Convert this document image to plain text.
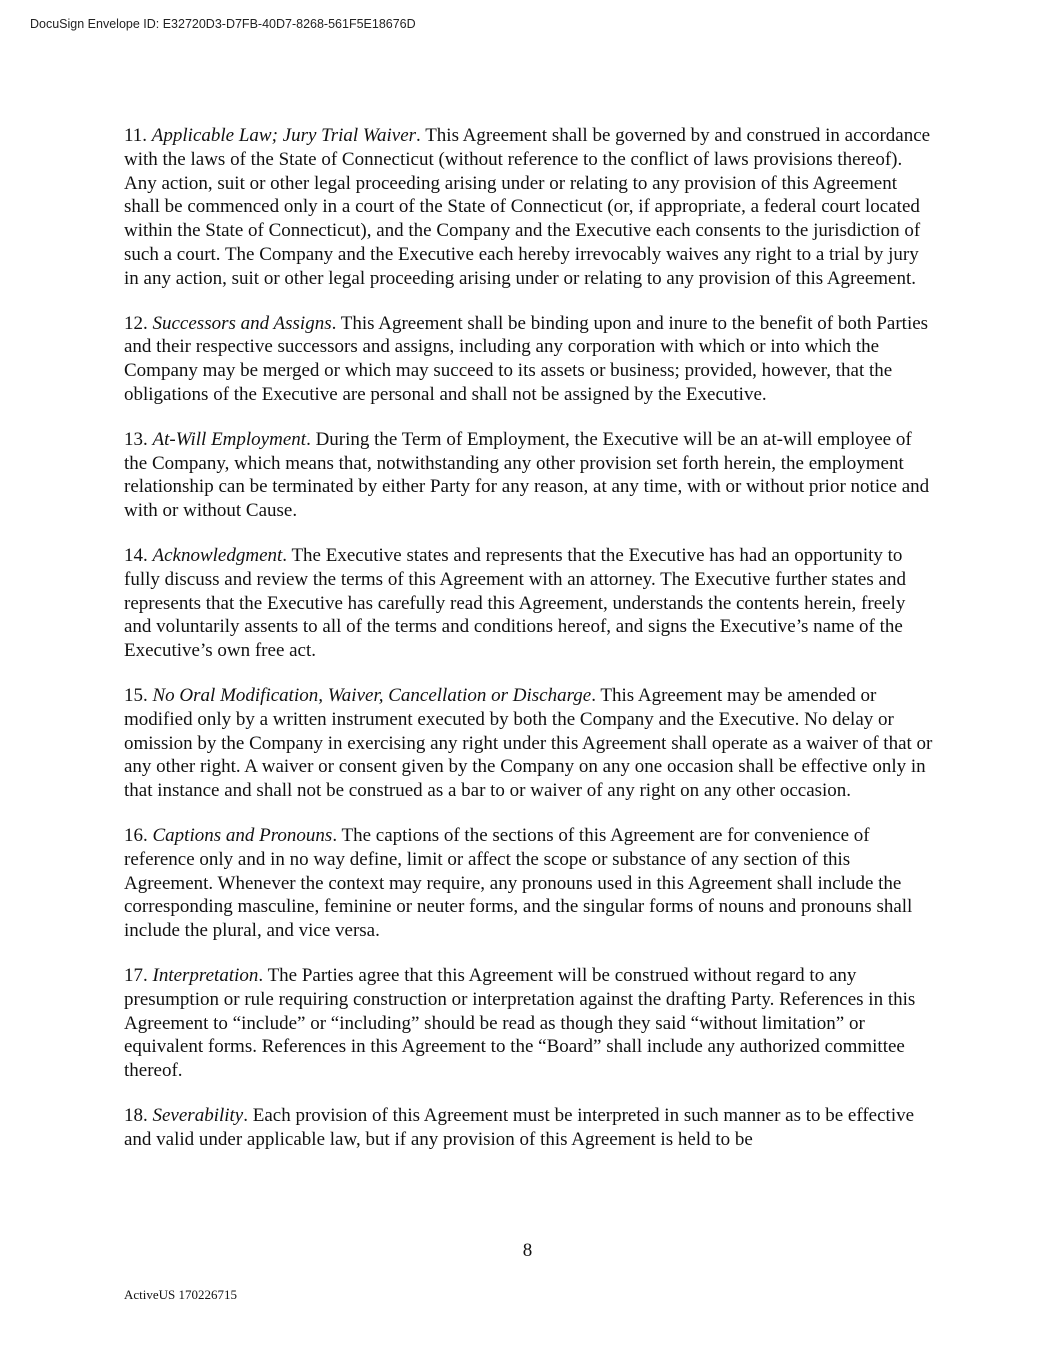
DocuSign Envelope ID: E32720D3-D7FB-40D7-8268-561F5E18676D

11. Applicable Law; Jury Trial Waiver. This Agreement shall be governed by and construed in accordance with the laws of the State of Connecticut (without reference to the conflict of laws provisions thereof). Any action, suit or other legal proceeding arising under or relating to any provision of this Agreement shall be commenced only in a court of the State of Connecticut (or, if appropriate, a federal court located within the State of Connecticut), and the Company and the Executive each consents to the jurisdiction of such a court. The Company and the Executive each hereby irrevocably waives any right to a trial by jury in any action, suit or other legal proceeding arising under or relating to any provision of this Agreement.

12. Successors and Assigns. This Agreement shall be binding upon and inure to the benefit of both Parties and their respective successors and assigns, including any corporation with which or into which the Company may be merged or which may succeed to its assets or business; provided, however, that the obligations of the Executive are personal and shall not be assigned by the Executive.

13. At-Will Employment. During the Term of Employment, the Executive will be an at-will employee of the Company, which means that, notwithstanding any other provision set forth herein, the employment relationship can be terminated by either Party for any reason, at any time, with or without prior notice and with or without Cause.

14. Acknowledgment. The Executive states and represents that the Executive has had an opportunity to fully discuss and review the terms of this Agreement with an attorney. The Executive further states and represents that the Executive has carefully read this Agreement, understands the contents herein, freely and voluntarily assents to all of the terms and conditions hereof, and signs the Executive’s name of the Executive’s own free act.

15. No Oral Modification, Waiver, Cancellation or Discharge. This Agreement may be amended or modified only by a written instrument executed by both the Company and the Executive. No delay or omission by the Company in exercising any right under this Agreement shall operate as a waiver of that or any other right. A waiver or consent given by the Company on any one occasion shall be effective only in that instance and shall not be construed as a bar to or waiver of any right on any other occasion.

16. Captions and Pronouns. The captions of the sections of this Agreement are for convenience of reference only and in no way define, limit or affect the scope or substance of any section of this Agreement. Whenever the context may require, any pronouns used in this Agreement shall include the corresponding masculine, feminine or neuter forms, and the singular forms of nouns and pronouns shall include the plural, and vice versa.

17. Interpretation. The Parties agree that this Agreement will be construed without regard to any presumption or rule requiring construction or interpretation against the drafting Party. References in this Agreement to “include” or “including” should be read as though they said “without limitation” or equivalent forms. References in this Agreement to the “Board” shall include any authorized committee thereof.

18. Severability. Each provision of this Agreement must be interpreted in such manner as to be effective and valid under applicable law, but if any provision of this Agreement is held to be

8
ActiveUS 170226715
